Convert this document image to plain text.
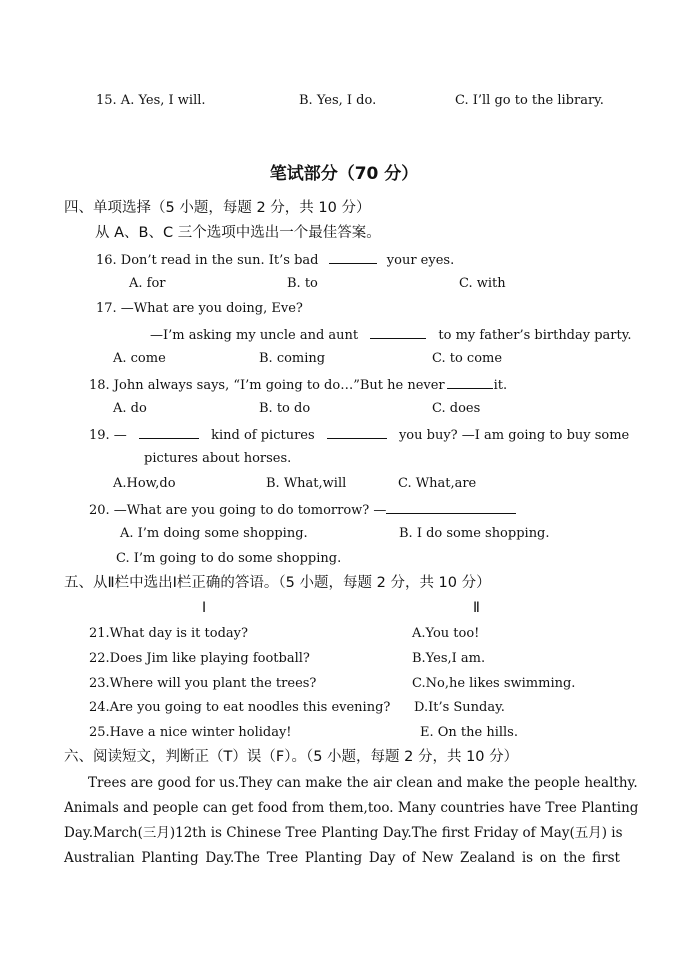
15. A. Yes, I will.	B. Yes, I do.	C. I’ll go to the library.
笔试部分（70 分）
四、单项选择（5 小题，每题 2 分，共 10 分）
从 A、B、C 三个选项中选出一个最佳答案。
16. Don’t read in the sun. It’s bad	your eyes.
A. for	B. to	C. with
17. —What are you doing, Eve?
—I’m asking my uncle and aunt	to my father’s birthday party.
A. come	B. coming	C. to come
18. John always says, “I’m going to do…”But he never	it.
A. do	B. to do	C. does
19. —	kind of pictures	you buy? —I am going to buy some
pictures about horses.
A.How,do	B. What,will	C. What,are
20. —What are you going to do tomorrow? —
A. I’m doing some shopping.	B. I do some shopping.
C. I’m going to do some shopping.
五、从Ⅱ栏中选出Ⅰ栏正确的答语。（5 小题，每题 2 分，共 10 分）
Ⅰ	Ⅱ
21.What day is it today?	A.You too!
22.Does Jim like playing football?	B.Yes,I am.
23.Where will you plant the trees?	C.No,he likes swimming.
24.Are you going to eat noodles this evening? D.It’s Sunday.
25.Have a nice winter holiday!	E. On the hills.
六、阅读短文，判断正（T）误（F）。（5 小题，每题 2 分，共 10 分）
Trees are good for us.They can make the air clean and make the people healthy.
Animals and people can get food from them,too. Many countries have Tree Planting
Day.March(三月)12th is Chinese Tree Planting Day.The first Friday of May(五月) is
Australian Planting Day.The Tree Planting Day of New Zealand is on the first
